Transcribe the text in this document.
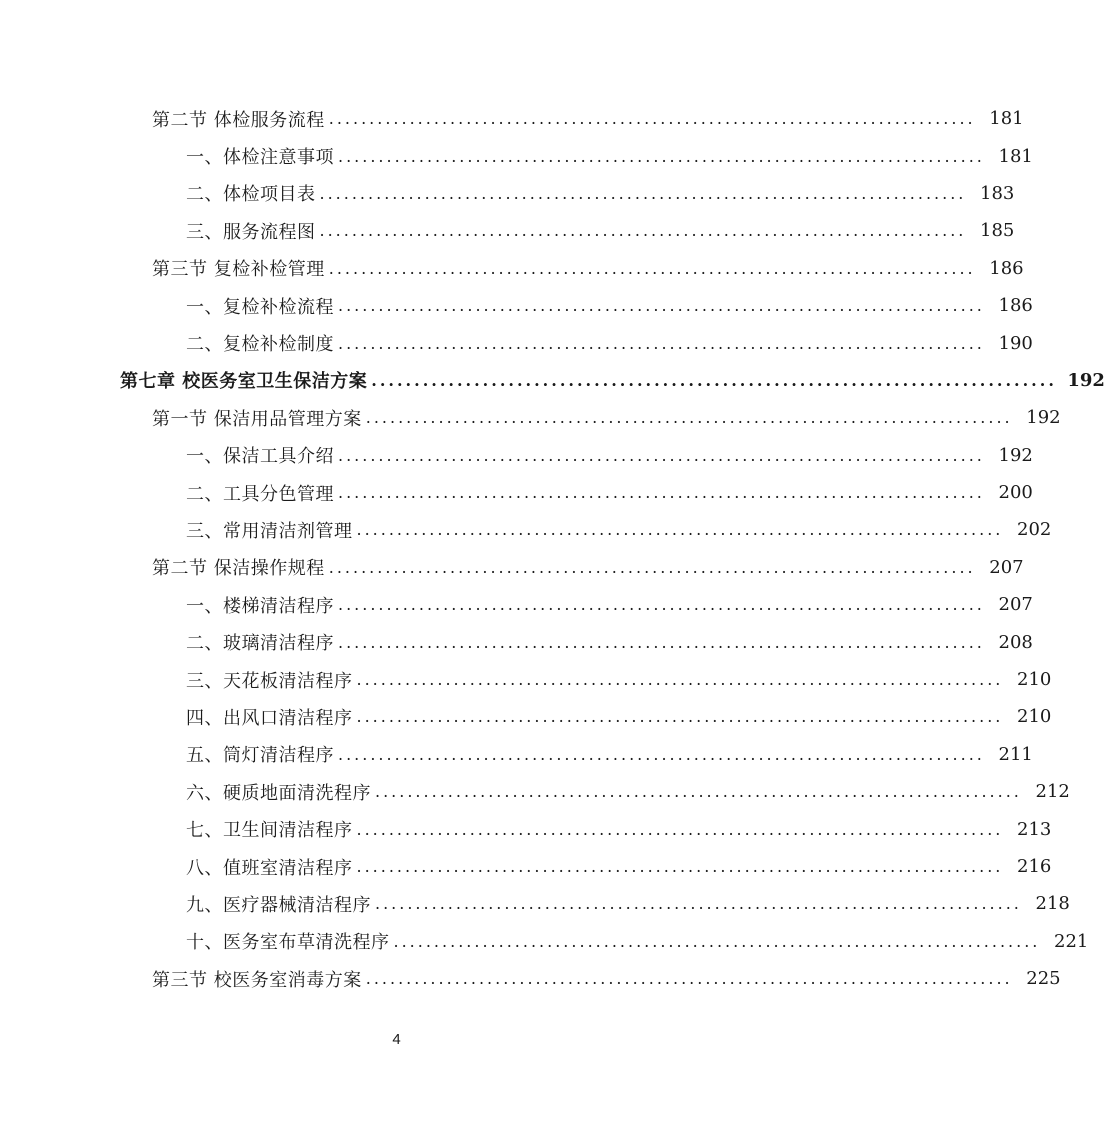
第二节 体检服务流程 ................................................................................ 181
一、体检注意事项 ................................................................................ 181
二、体检项目表 ................................................................................ 183
三、服务流程图 ................................................................................ 185
第三节 复检补检管理 ................................................................................ 186
一、复检补检流程 ................................................................................ 186
二、复检补检制度 ................................................................................ 190
第七章 校医务室卫生保洁方案 ................................................................................ 192
第一节 保洁用品管理方案 ................................................................................ 192
一、保洁工具介绍 ................................................................................ 192
二、工具分色管理 ................................................................................ 200
三、常用清洁剂管理 ................................................................................ 202
第二节 保洁操作规程 ................................................................................ 207
一、楼梯清洁程序 ................................................................................ 207
二、玻璃清洁程序 ................................................................................ 208
三、天花板清洁程序 ................................................................................ 210
四、出风口清洁程序 ................................................................................ 210
五、筒灯清洁程序 ................................................................................ 211
六、硬质地面清洗程序 ................................................................................ 212
七、卫生间清洁程序 ................................................................................ 213
八、值班室清洁程序 ................................................................................ 216
九、医疗器械清洁程序 ................................................................................ 218
十、医务室布草清洗程序 ................................................................................ 221
第三节 校医务室消毒方案 ................................................................................ 225
4
